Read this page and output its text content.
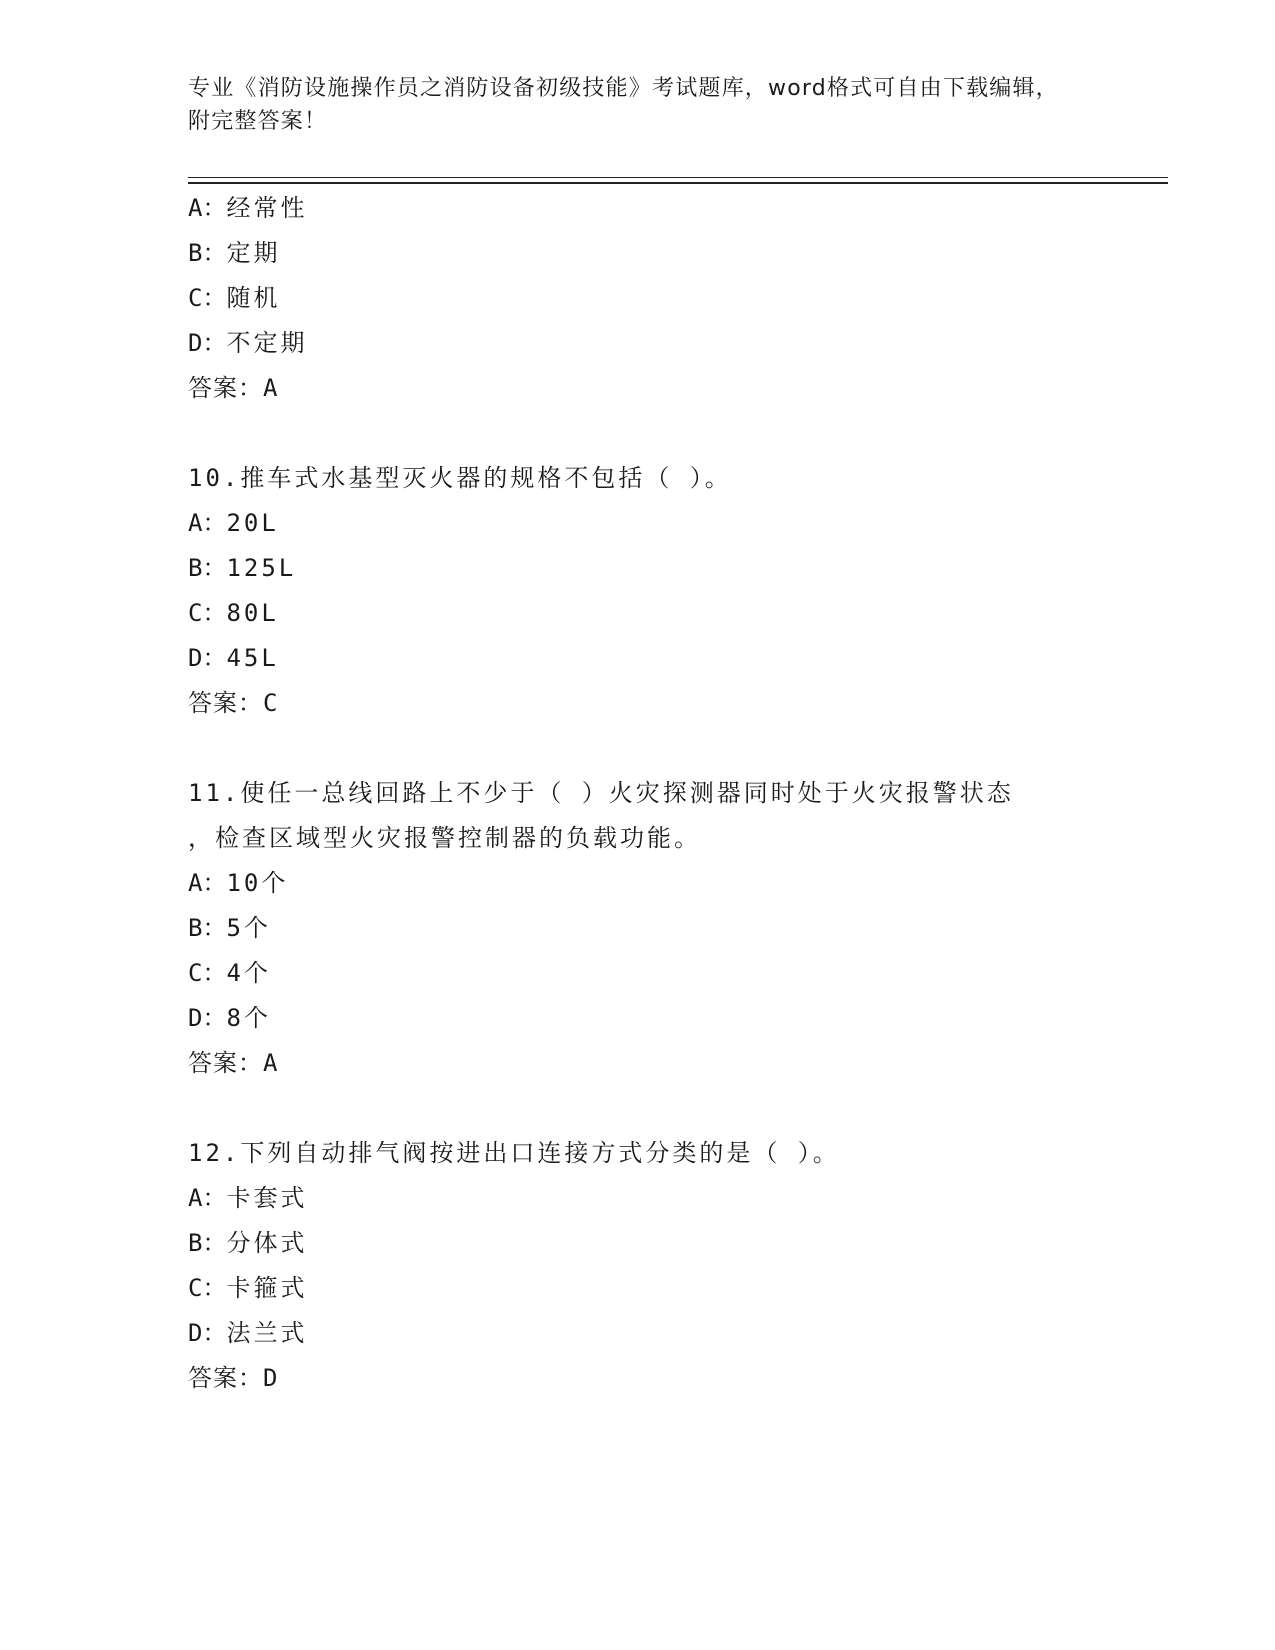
专业《消防设施操作员之消防设备初级技能》考试题库，word格式可自由下载编辑，附完整答案！
A：经常性
B：定期
C：随机
D：不定期
答案：A
10.推车式水基型灭火器的规格不包括（ ）。
A：20L
B：125L
C：80L
D：45L
答案：C
11.使任一总线回路上不少于（ ）火灾探测器同时处于火灾报警状态
，检查区域型火灾报警控制器的负载功能。
A：10个
B：5个
C：4个
D：8个
答案：A
12.下列自动排气阀按进出口连接方式分类的是（ ）。
A：卡套式
B：分体式
C：卡箍式
D：法兰式
答案：D
